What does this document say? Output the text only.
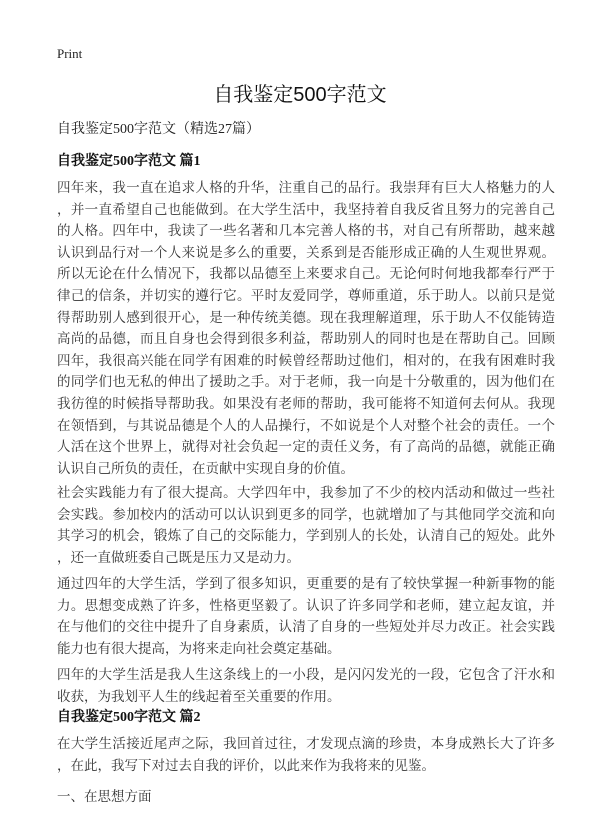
Print
自我鉴定500字范文
自我鉴定500字范文（精选27篇）
自我鉴定500字范文 篇1
四年来，我一直在追求人格的升华，注重自己的品行。我崇拜有巨大人格魅力的人
，并一直希望自己也能做到。在大学生活中，我坚持着自我反省且努力的完善自己
的人格。四年中，我读了一些名著和几本完善人格的书，对自己有所帮助，越来越
认识到品行对一个人来说是多么的重要，关系到是否能形成正确的人生观世界观。
所以无论在什么情况下，我都以品德至上来要求自己。无论何时何地我都奉行严于
律己的信条，并切实的遵行它。平时友爱同学，尊师重道，乐于助人。以前只是觉
得帮助别人感到很开心，是一种传统美德。现在我理解道理，乐于助人不仅能铸造
高尚的品德，而且自身也会得到很多利益，帮助别人的同时也是在帮助自己。回顾
四年，我很高兴能在同学有困难的时候曾经帮助过他们，相对的，在我有困难时我
的同学们也无私的伸出了援助之手。对于老师，我一向是十分敬重的，因为他们在
我彷徨的时候指导帮助我。如果没有老师的帮助，我可能将不知道何去何从。我现
在领悟到，与其说品德是个人的人品操行，不如说是个人对整个社会的责任。一个
人活在这个世界上，就得对社会负起一定的责任义务，有了高尚的品德，就能正确
认识自己所负的责任，在贡献中实现自身的价值。
社会实践能力有了很大提高。大学四年中，我参加了不少的校内活动和做过一些社
会实践。参加校内的活动可以认识到更多的同学，也就增加了与其他同学交流和向
其学习的机会，锻炼了自己的交际能力，学到别人的长处，认清自己的短处。此外
，还一直做班委自己既是压力又是动力。
通过四年的大学生活，学到了很多知识，更重要的是有了较快掌握一种新事物的能
力。思想变成熟了许多，性格更坚毅了。认识了许多同学和老师，建立起友谊，并
在与他们的交往中提升了自身素质，认清了自身的一些短处并尽力改正。社会实践
能力也有很大提高，为将来走向社会奠定基础。
四年的大学生活是我人生这条线上的一小段，是闪闪发光的一段，它包含了汗水和
收获，为我划平人生的线起着至关重要的作用。
自我鉴定500字范文 篇2
在大学生活接近尾声之际，我回首过往，才发现点滴的珍贵，本身成熟长大了许多
，在此，我写下对过去自我的评价，以此来作为我将来的见鉴。
一、在思想方面
